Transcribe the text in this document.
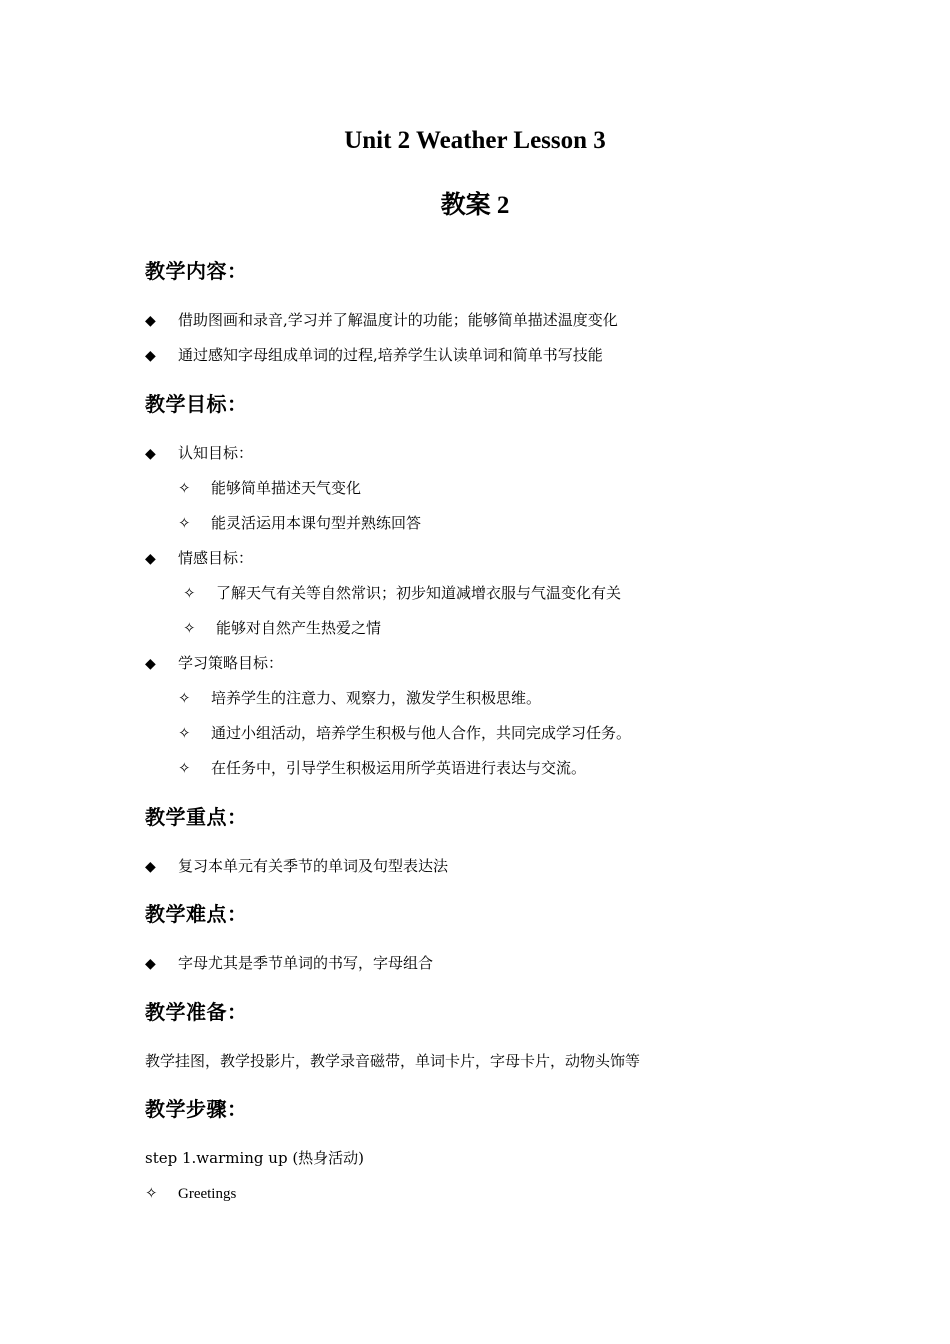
Unit 2 Weather Lesson 3
教案 2
教学内容：
◆ 借助图画和录音,学习并了解温度计的功能；能够简单描述温度变化
◆ 通过感知字母组成单词的过程,培养学生认读单词和简单书写技能
教学目标：
◆ 认知目标：
✧ 能够简单描述天气变化
✧ 能灵活运用本课句型并熟练回答
◆ 情感目标：
✧ 了解天气有关等自然常识；初步知道减增衣服与气温变化有关
✧ 能够对自然产生热爱之情
◆ 学习策略目标：
✧ 培养学生的注意力、观察力，激发学生积极思维。
✧ 通过小组活动，培养学生积极与他人合作，共同完成学习任务。
✧ 在任务中，引导学生积极运用所学英语进行表达与交流。
教学重点：
◆ 复习本单元有关季节的单词及句型表达法
教学难点：
◆ 字母尤其是季节单词的书写，字母组合
教学准备：
教学挂图，教学投影片，教学录音磁带，单词卡片，字母卡片，动物头饰等
教学步骤：
step 1.warming up (热身活动)
✧ Greetings
